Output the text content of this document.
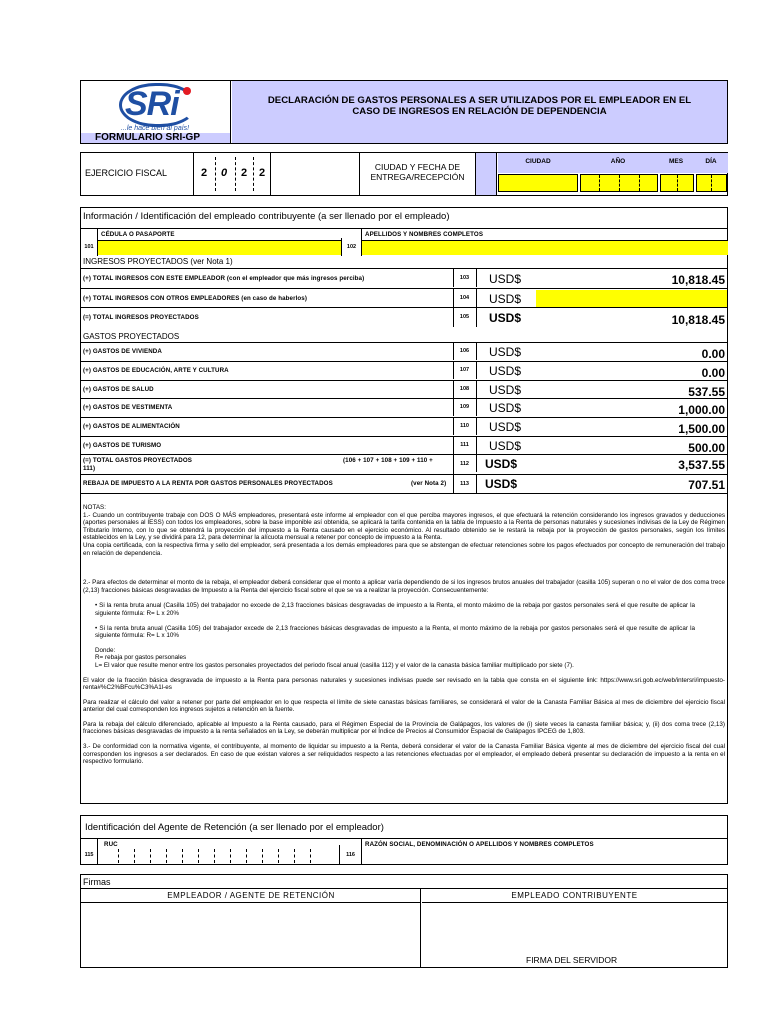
SRi
...le hace bien al país!
FORMULARIO SRI-GP
DECLARACIÓN DE GASTOS PERSONALES A SER UTILIZADOS POR EL EMPLEADOR EN EL
CASO DE INGRESOS EN RELACIÓN DE DEPENDENCIA
EJERCICIO FISCAL	2	0	2	2	CIUDAD Y FECHA DE
ENTREGA/RECEPCIÓN
CIUDAD	AÑO	MES	DÍA
Información / Identificación del empleado contribuyente (a ser llenado por el empleado)
101
CÉDULA O PASAPORTE
102
APELLIDOS Y NOMBRES COMPLETOS
INGRESOS PROYECTADOS (ver Nota 1)
GASTOS PROYECTADOS
(=) TOTAL GASTOS PROYECTADOS	(106 + 107 + 108 + 109 + 110 +
111)
112	USD$	3,537.55
REBAJA DE IMPUESTO A LA RENTA POR GASTOS PERSONALES PROYECTADOS	(ver Nota 2)	113	USD$	707.51

NOTAS:

1.- Cuando un contribuyente trabaje con DOS O MÁS empleadores, presentará este informe al empleador con el que perciba mayores ingresos, el que efectuará la retención considerando los ingresos gravados y deducciones (aportes personales al IESS) con todos los empleadores, sobre la base imponible así obtenida, se aplicará la tarifa contenida en la tabla de Impuesto a la Renta de personas naturales y sucesiones indivisas de la Ley de Régimen Tributario Interno, con lo que se obtendrá la proyección del impuesto a la Renta causado en el ejercicio económico. Al resultado obtenido se le restará la rebaja por la proyección de gastos personales, según los límites establecidos en la Ley, y se dividirá para 12, para determinar la alícuota mensual a retener por concepto de impuesto a la Renta.

Una copia certificada, con la respectiva firma y sello del empleador, será presentada a los demás empleadores para que se abstengan de efectuar retenciones sobre los pagos efectuados por concepto de remuneración del trabajo en relación de dependencia.

2.- Para efectos de determinar el monto de la rebaja, el empleador deberá considerar que el monto a aplicar varía dependiendo de si los ingresos brutos anuales del trabajador (casilla 105) superan o no el valor de dos coma trece (2,13) fracciones básicas desgravadas de Impuesto a la Renta del ejercicio fiscal sobre el que se va a realizar la proyección. Consecuentemente:

• Si la renta bruta anual (Casilla 105) del trabajador no excede de 2,13 fracciones básicas desgravadas de impuesto a la Renta, el monto máximo de la rebaja por gastos personales será el que resulte de aplicar la siguiente fórmula: R= L x 20%

• Si la renta bruta anual (Casilla 105) del trabajador excede de 2,13 fracciones básicas desgravadas de impuesto a la Renta, el monto máximo de la rebaja por gastos personales será el que resulte de aplicar la siguiente fórmula: R= L x 10%

Donde:

R= rebaja por gastos personales

L= El valor que resulte menor entre los gastos personales proyectados del periodo fiscal anual (casilla 112) y el valor de la canasta básica familiar multiplicado por siete (7).

El valor de la fracción básica desgravada de impuesto a la Renta para personas naturales y sucesiones indivisas puede ser revisado en la tabla que consta en el siguiente link: https://www.sri.gob.ec/web/intersri/impuesto-renta#%C2%BFcu%C3%A1l-es

Para realizar el cálculo del valor a retener por parte del empleador en lo que respecta el límite de siete canastas básicas familiares, se considerará el valor de la Canasta Familiar Básica al mes de diciembre del ejercicio fiscal anterior del cual corresponden los ingresos sujetos a retención en la fuente.

Para la rebaja del cálculo diferenciado, aplicable al Impuesto a la Renta causado, para el Régimen Especial de la Provincia de Galápagos, los valores de (i) siete veces la canasta familiar básica; y, (ii) dos coma trece (2,13) fracciones básicas desgravadas de impuesto a la renta señalados en la Ley, se deberán multiplicar por el Índice de Precios al Consumidor Espacial de Galápagos IPCEG de 1,803.

3.- De conformidad con la normativa vigente, el contribuyente, al momento de liquidar su impuesto a la Renta, deberá considerar el valor de la Canasta Familiar Básica vigente al mes de diciembre del ejercicio fiscal del cual corresponden los ingresos a ser declarados. En caso de que existan valores a ser reliquidados respecto a las retenciones efectuadas por el empleador, el empleado deberá presentar su declaración de impuesto a la renta en el respectivo formulario.

(+) TOTAL INGRESOS CON ESTE EMPLEADOR (con el empleador que más ingresos perciba)	103	USD$	10,818.45
(+) TOTAL INGRESOS CON OTROS EMPLEADORES (en caso de haberlos)	104	USD$
(=) TOTAL INGRESOS PROYECTADOS	105	USD$	10,818.45
(+) GASTOS DE VIVIENDA	106	USD$	0.00
(+) GASTOS DE EDUCACIÓN, ARTE Y CULTURA	107	USD$	0.00
(+) GASTOS DE SALUD	108	USD$	537.55
(+) GASTOS DE VESTIMENTA	109	USD$	1,000.00
(+) GASTOS DE ALIMENTACIÓN	110	USD$	1,500.00
(+) GASTOS DE TURISMO	111	USD$	500.00
Identificación del Agente de Retención (a ser llenado por el empleador)
115
RUC
116
RAZÓN SOCIAL, DENOMINACIÓN O APELLIDOS Y NOMBRES COMPLETOS
Firmas
EMPLEADOR / AGENTE DE RETENCIÓN	EMPLEADO CONTRIBUYENTE
FIRMA DEL SERVIDOR
